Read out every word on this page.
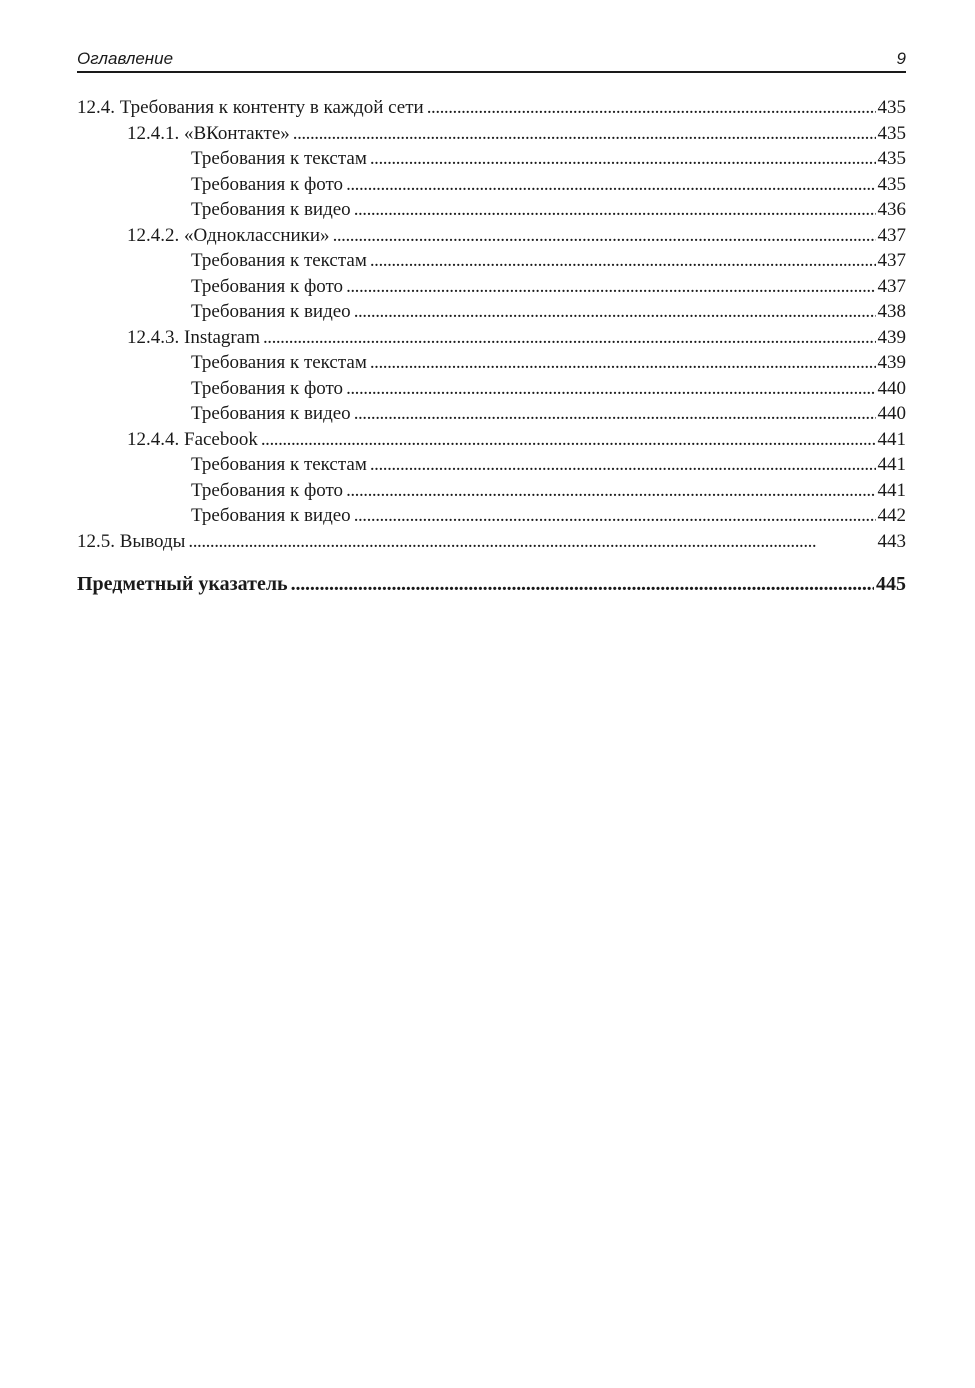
Оглавление	9
12.4. Требования к контенту в каждой сети . . .	435
12.4.1. «ВКонтакте» . . .	435
Требования к текстам . . .	435
Требования к фото . . .	435
Требования к видео . . .	436
12.4.2. «Одноклассники» . . .	437
Требования к текстам . . .	437
Требования к фото . . .	437
Требования к видео . . .	438
12.4.3. Instagram . . .	439
Требования к текстам . . .	439
Требования к фото . . .	440
Требования к видео . . .	440
12.4.4. Facebook . . .	441
Требования к текстам . . .	441
Требования к фото . . .	441
Требования к видео . . .	442
12.5. Выводы . . .	443
Предметный указатель . . .	445
